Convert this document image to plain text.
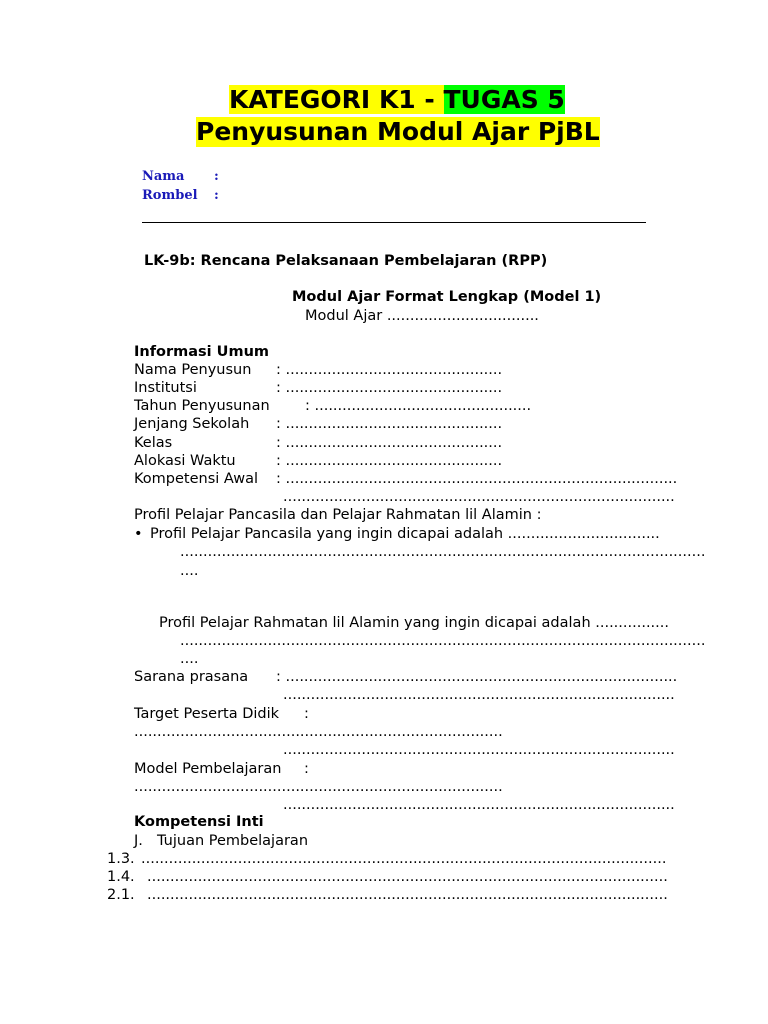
KATEGORI K1 - TUGAS 5
Penyusunan Modul Ajar PjBL
Nama :
Rombel :
LK-9b: Rencana Pelaksanaan Pembelajaran (RPP)
Modul Ajar Format Lengkap (Model 1)
Modul Ajar .................................
Informasi Umum
Nama Penyusun : ...............................................
Institutsi	: ...............................................
Tahun Penyusunan : ...............................................
Jenjang Sekolah : ...............................................
Kelas	: ...............................................
Alokasi Waktu	: ...............................................
Kompetensi Awal : .....................................................................................
.....................................................................................
Profil Pelajar Pancasila dan Pelajar Rahmatan lil Alamin :
• Profil Pelajar Pancasila yang ingin dicapai adalah .................................
..................................................................................................................
....
Profil Pelajar Rahmatan lil Alamin yang ingin dicapai adalah ................
..................................................................................................................
....
Sarana prasana : .....................................................................................
.....................................................................................
Target Peserta Didik :
................................................................................
.....................................................................................
Model Pembelajaran :
................................................................................
.....................................................................................
Kompetensi Inti
J. Tujuan Pembelajaran
1.3. ..................................................................................................................
1.4. .................................................................................................................
2.1. .................................................................................................................
